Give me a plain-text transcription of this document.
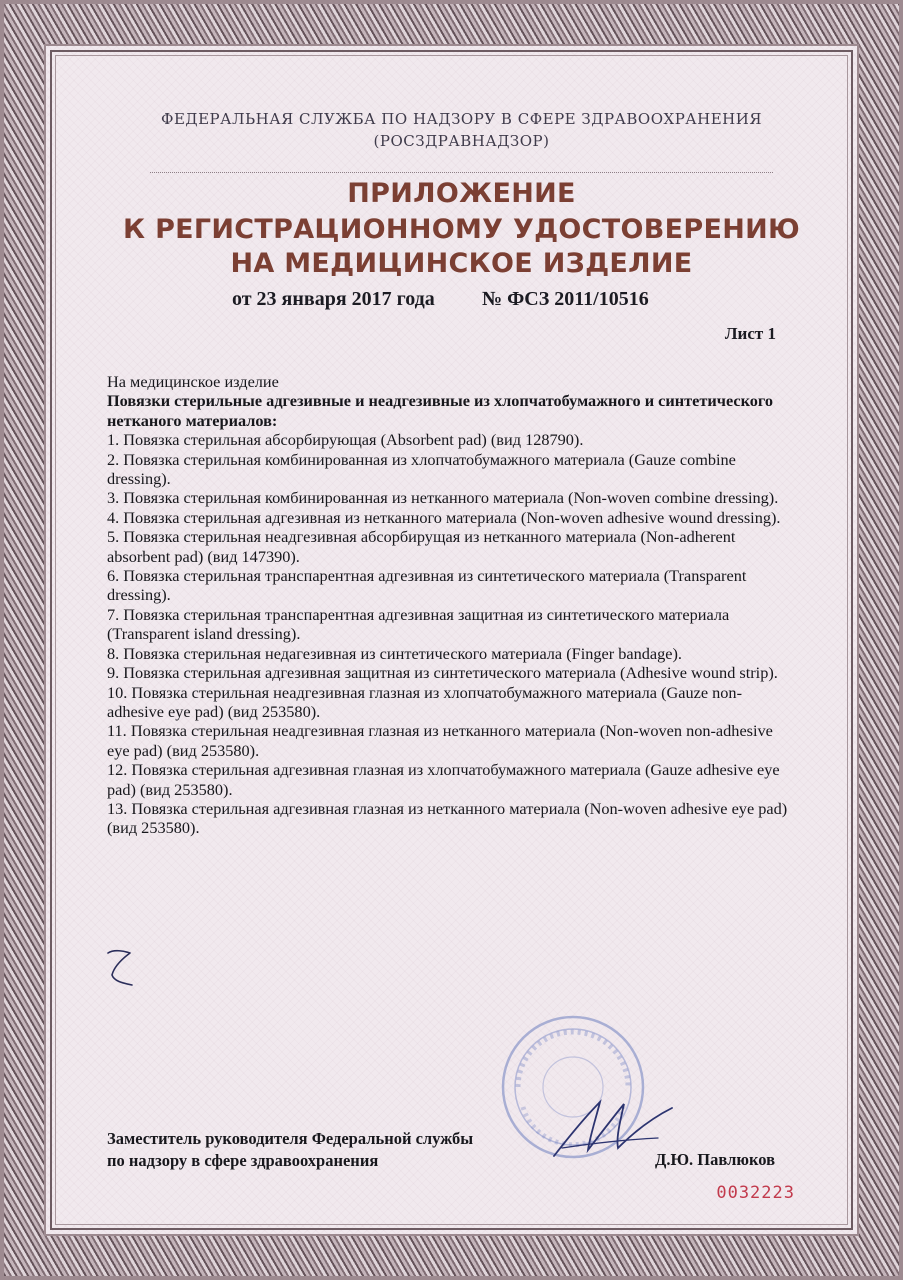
ФЕДЕРАЛЬНАЯ СЛУЖБА ПО НАДЗОРУ В СФЕРЕ ЗДРАВООХРАНЕНИЯ
(РОСЗДРАВНАДЗОР)
ПРИЛОЖЕНИЕ
К РЕГИСТРАЦИОННОМУ УДОСТОВЕРЕНИЮ
НА МЕДИЦИНСКОЕ ИЗДЕЛИЕ
от 23 января 2017 года № ФСЗ 2011/10516
Лист 1

На медицинское изделие

Повязки стерильные адгезивные и неадгезивные из хлопчатобумажного и синтетического нетканого материалов:

1. Повязка стерильная абсорбирующая (Absorbent pad) (вид 128790).

2. Повязка стерильная комбинированная из хлопчатобумажного материала (Gauze combine dressing).

3. Повязка стерильная комбинированная из нетканного материала (Non-woven combine dressing).

4. Повязка стерильная адгезивная из нетканного материала (Non-woven adhesive wound dressing).

5. Повязка стерильная неадгезивная абсорбирущая из нетканного материала (Non-adherent absorbent pad) (вид 147390).

6. Повязка стерильная транспарентная адгезивная из синтетического материала (Transparent dressing).

7. Повязка стерильная транспарентная адгезивная защитная из синтетического материала (Transparent island dressing).

8. Повязка стерильная недагезивная из синтетического материала (Finger bandage).

9. Повязка стерильная адгезивная защитная из синтетического материала (Adhesive wound strip).

10. Повязка стерильная неадгезивная глазная из хлопчатобумажного материала (Gauze non-adhesive eye pad) (вид 253580).

11. Повязка стерильная неадгезивная глазная из нетканного материала (Non-woven non-adhesive eye pad) (вид 253580).

12. Повязка стерильная адгезивная глазная из хлопчатобумажного материала (Gauze adhesive eye pad) (вид 253580).

13. Повязка стерильная адгезивная глазная из нетканного материала (Non-woven adhesive eye pad) (вид 253580).

Заместитель руководителя Федеральной службы
по надзору в сфере здравоохранения	Д.Ю. Павлюков
0032223
